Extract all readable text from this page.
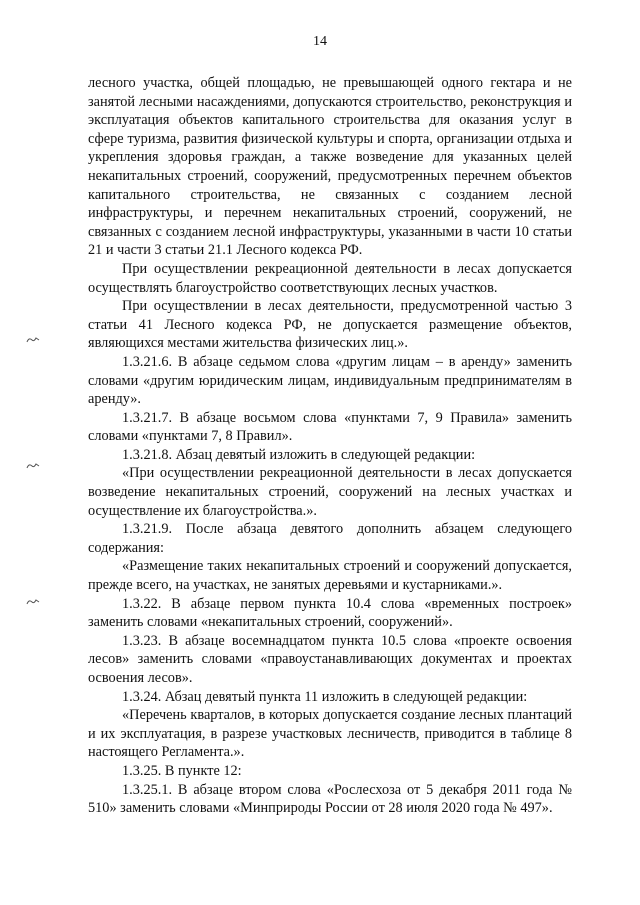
14

лесного участка, общей площадью, не превышающей одного гектара и не занятой лесными насаждениями, допускаются строительство, реконструкция и эксплуатация объектов капитального строительства для оказания услуг в сфере туризма, развития физической культуры и спорта, организации отдыха и укрепления здоровья граждан, а также возведение для указанных целей некапитальных строений, сооружений, предусмотренных перечнем объектов капитального строительства, не связанных с созданием лесной инфраструктуры, и перечнем некапитальных строений, сооружений, не связанных с созданием лесной инфраструктуры, указанными в части 10 статьи 21 и части 3 статьи 21.1 Лесного кодекса РФ.

При осуществлении рекреационной деятельности в лесах допускается осуществлять благоустройство соответствующих лесных участков.

При осуществлении в лесах деятельности, предусмотренной частью 3 статьи 41 Лесного кодекса РФ, не допускается размещение объектов, являющихся местами жительства физических лиц.».

1.3.21.6. В абзаце седьмом слова «другим лицам – в аренду» заменить словами «другим юридическим лицам, индивидуальным предпринимателям в аренду».

1.3.21.7. В абзаце восьмом слова «пунктами 7, 9 Правила» заменить словами «пунктами 7, 8 Правил».

1.3.21.8. Абзац девятый изложить в следующей редакции:

«При осуществлении рекреационной деятельности в лесах допускается возведение некапитальных строений, сооружений на лесных участках и осуществление их благоустройства.».

1.3.21.9. После абзаца девятого дополнить абзацем следующего содержания:

«Размещение таких некапитальных строений и сооружений допускается, прежде всего, на участках, не занятых деревьями и кустарниками.».

1.3.22. В абзаце первом пункта 10.4 слова «временных построек» заменить словами «некапитальных строений, сооружений».

1.3.23. В абзаце восемнадцатом пункта 10.5 слова «проекте освоения лесов» заменить словами «правоустанавливающих документах и проектах освоения лесов».

1.3.24. Абзац девятый пункта 11 изложить в следующей редакции:

«Перечень кварталов, в которых допускается создание лесных плантаций и их эксплуатация, в разрезе участковых лесничеств, приводится в таблице 8 настоящего Регламента.».

1.3.25. В пункте 12:

1.3.25.1. В абзаце втором слова «Рослесхоза от 5 декабря 2011 года № 510» заменить словами «Минприроды России от 28 июля 2020 года № 497».
